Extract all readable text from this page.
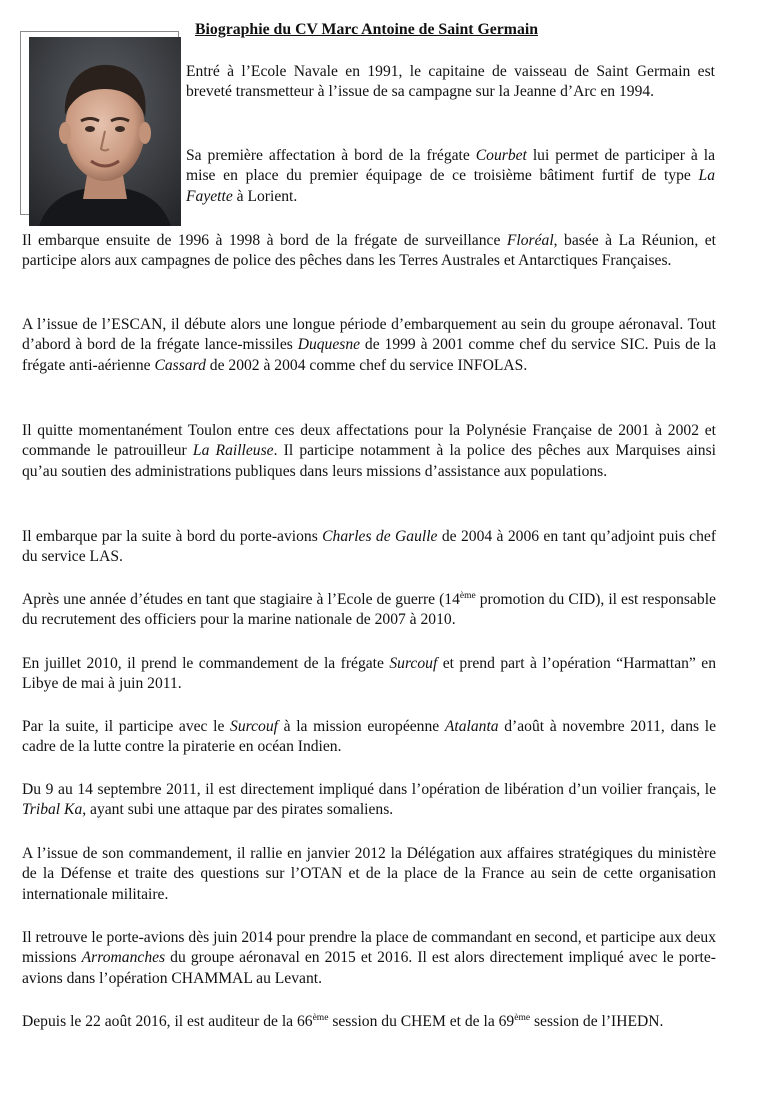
Biographie du CV Marc Antoine de Saint Germain

Entré à l’Ecole Navale en 1991, le capitaine de vaisseau de Saint Germain est breveté transmetteur à l’issue de sa campagne sur la Jeanne d’Arc en 1994.

Sa première affectation à bord de la frégate Courbet lui permet de participer à la mise en place du premier équipage de ce troisième bâtiment furtif de type La Fayette à Lorient.

Il embarque ensuite de 1996 à 1998 à bord de la frégate de surveillance Floréal, basée à La Réunion, et participe alors aux campagnes de police des pêches dans les Terres Australes et Antarctiques Françaises.

A l’issue de l’ESCAN, il débute alors une longue période d’embarquement au sein du groupe aéronaval. Tout d’abord à bord de la frégate lance-missiles Duquesne de 1999 à 2001 comme chef du service SIC. Puis de la frégate anti-aérienne Cassard de 2002 à 2004 comme chef du service INFOLAS.

Il quitte momentanément Toulon entre ces deux affectations pour la Polynésie Française de 2001 à 2002 et commande le patrouilleur La Railleuse. Il participe notamment à la police des pêches aux Marquises ainsi qu’au soutien des administrations publiques dans leurs missions d’assistance aux populations.

Il embarque par la suite à bord du porte-avions Charles de Gaulle de 2004 à 2006 en tant qu’adjoint puis chef du service LAS.

Après une année d’études en tant que stagiaire à l’Ecole de guerre (14ème promotion du CID), il est responsable du recrutement des officiers pour la marine nationale de 2007 à 2010.

En juillet 2010, il prend le commandement de la frégate Surcouf et prend part à l’opération “Harmattan” en Libye de mai à juin 2011.

Par la suite, il participe avec le Surcouf à la mission européenne Atalanta d’août à novembre 2011, dans le cadre de la lutte contre la piraterie en océan Indien.

Du 9 au 14 septembre 2011, il est directement impliqué dans l’opération de libération d’un voilier français, le Tribal Ka, ayant subi une attaque par des pirates somaliens.

A l’issue de son commandement, il rallie en janvier 2012 la Délégation aux affaires stratégiques du ministère de la Défense et traite des questions sur l’OTAN et de la place de la France au sein de cette organisation internationale militaire.

Il retrouve le porte-avions dès juin 2014 pour prendre la place de commandant en second, et participe aux deux missions Arromanches du groupe aéronaval en 2015 et 2016. Il est alors directement impliqué avec le porte-avions dans l’opération CHAMMAL au Levant.

Depuis le 22 août 2016, il est auditeur de la 66ème session du CHEM et de la 69ème session de l’IHEDN.
